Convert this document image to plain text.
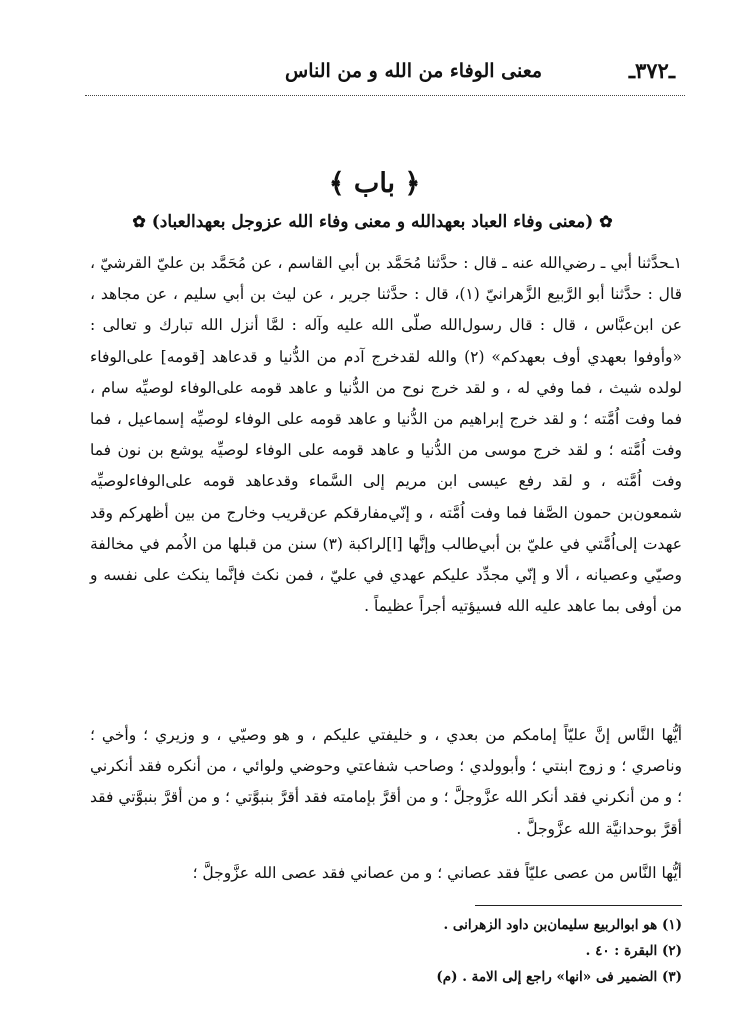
ـ٣٧٢ـ
معنى الوفاء من الله و من الناس
﴿ باب ﴾
✿ (معنى وفاء العباد بعهدالله و معنى وفاء الله عزوجل بعهدالعباد) ✿

١ـحدَّثنا أبي ـ رضي‌الله عنه ـ قال : حدَّثنا مُحَمَّد بن أبي القاسم ، عن مُحَمَّد بن عليّ القرشيّ ، قال : حدَّثنا أبو الرَّبيع الزَّهرانيّ (١)، قال : حدَّثنا جرير ، عن ليث بن أبي سليم ، عن مجاهد ، عن ابن‌عبَّاس ، قال : قال رسول‌الله صلّى الله عليه وآله : لمَّا أنزل الله تبارك و تعالى : «وأوفوا بعهدي أوف بعهدكم» (٢) والله لقدخرج آدم من الدُّنيا و قدعاهد [قومه] على‌الوفاء لولده شيث ، فما وفي له ، و لقد خرج نوح من الدُّنيا و عاهد قومه على‌الوفاء لوصيِّه سام ، فما وفت اُمَّته ؛ و لقد خرج إبراهيم من الدُّنيا و عاهد قومه على الوفاء لوصيِّه إسماعيل ، فما وفت اُمَّته ؛ و لقد خرج موسى من الدُّنيا و عاهد قومه على الوفاء لوصيِّه يوشع بن نون فما وفت اُمَّته ، و لقد رفع عيسى ابن مريم إلى السَّماء وقدعاهد قومه على‌الوفاءلوصيِّه شمعون‌بن حمون الصَّفا فما وفت اُمَّته ، و إنّي‌مفارقكم عن‌قريب وخارج من بين أظهركم وقد عهدت إلى‌اُمَّتي في عليّ بن أبي‌طالب وإنَّها [ا]لراكبة (٣) سنن من قبلها من الاُمم في مخالفة وصيّي وعصيانه ، ألا و إنّي مجدِّد عليكم عهدي في عليّ ، فمن نكث فإنَّما ينكث على نفسه و من أوفى بما عاهد عليه الله فسيؤتيه أجراً عظيماً .

أيُّها النَّاس إنَّ عليّاً إمامكم من بعدي ، و خليفتي عليكم ، و هو وصيّي ، و وزيري ؛ وأخي ؛ وناصري ؛ و زوج ابنتي ؛ وأبوولدي ؛ وصاحب شفاعتي وحوضي ولوائي ، من أنكره فقد أنكرني ؛ و من أنكرني فقد أنكر الله عزَّوجلَّ ؛ و من أقرَّ بإمامته فقد أقرَّ بنبوَّتي ؛ و من أقرَّ بنبوَّتي فقد أقرَّ بوحدانيَّة الله عزَّوجلَّ .

أيُّها النَّاس من عصى عليّاً فقد عصاني ؛ و من عصاني فقد عصى الله عزَّوجلَّ ؛

(١) هو ابوالربيع سليمان‌بن داود الزهرانى .
(٢) البقرة : ٤٠ .
(٣) الضمير فى «انها» راجع إلى الامة . (م)
